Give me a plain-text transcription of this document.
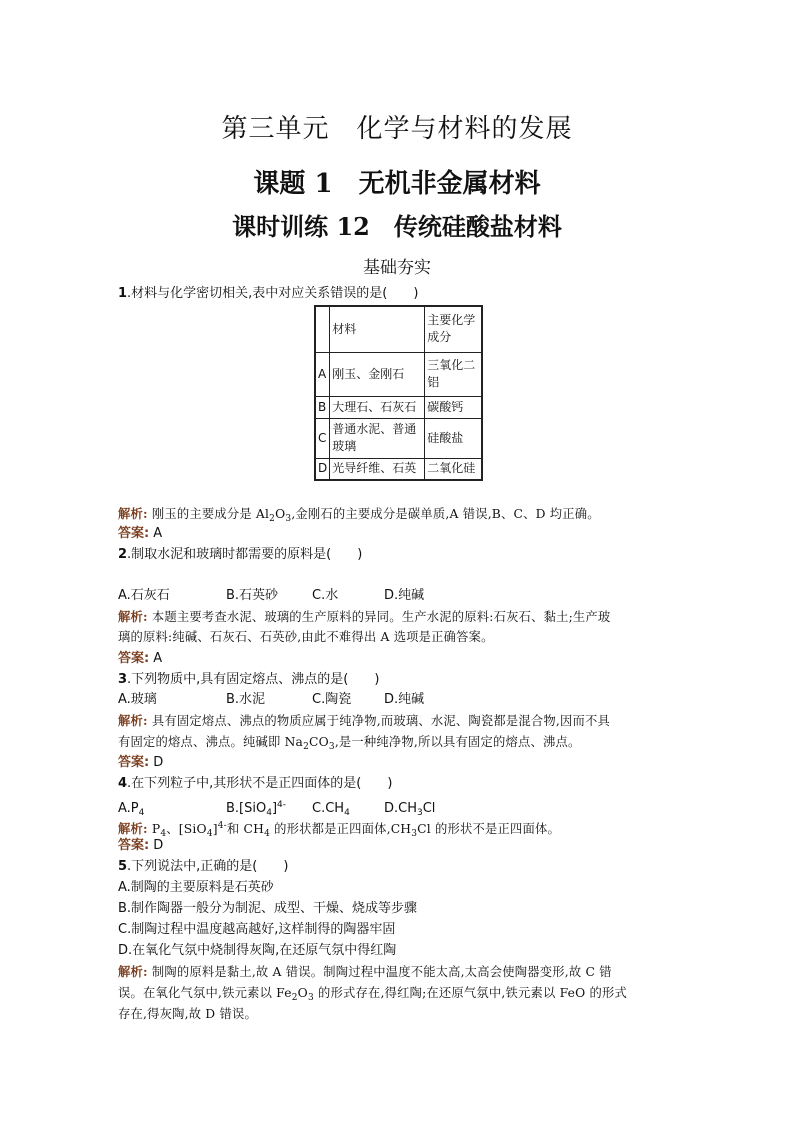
第三单元　化学与材料的发展
课题 1　无机非金属材料
课时训练 12　传统硅酸盐材料
基础夯实
1.材料与化学密切相关,表中对应关系错误的是(　　)
	材料	主要化学成分
A	刚玉、金刚石	三氧化二铝
B	大理石、石灰石	碳酸钙
C	普通水泥、普通玻璃	硅酸盐
D	光导纤维、石英	二氧化硅
解析: 刚玉的主要成分是 $Al_2O_3$,金刚石的主要成分是碳单质,A 错误,B、C、D 均正确。
答案: A
2.制取水泥和玻璃时都需要的原料是(　　)
A.石灰石	B.石英砂	C.水	D.纯碱
解析: 本题主要考查水泥、玻璃的生产原料的异同。生产水泥的原料:石灰石、黏土;生产玻
璃的原料:纯碱、石灰石、石英砂,由此不难得出 A 选项是正确答案。
答案: A
3.下列物质中,具有固定熔点、沸点的是(　　)
A.玻璃	B.水泥	C.陶瓷	D.纯碱
解析: 具有固定熔点、沸点的物质应属于纯净物,而玻璃、水泥、陶瓷都是混合物,因而不具
有固定的熔点、沸点。纯碱即 $Na_2CO_3$,是一种纯净物,所以具有固定的熔点、沸点。
答案: D
4.在下列粒子中,其形状不是正四面体的是(　　)
$A.P_4$	$B.[SiO_4]^{4-}$ $C.CH_4$	$D.CH_3Cl$
解析: $P_4$、$[SiO_4]^{4-}$和 $CH_4$ 的形状都是正四面体$,CH_3Cl$ 的形状不是正四面体。
答案: D
5.下列说法中,正确的是(　　)
A.制陶的主要原料是石英砂
B.制作陶器一般分为制泥、成型、干燥、烧成等步骤
C.制陶过程中温度越高越好,这样制得的陶器牢固
D.在氧化气氛中烧制得灰陶,在还原气氛中得红陶
解析: 制陶的原料是黏土,故 A 错误。制陶过程中温度不能太高,太高会使陶器变形,故 C 错
误。在氧化气氛中,铁元素以 $Fe_2O_3$ 的形式存在,得红陶;在还原气氛中,铁元素以 FeO 的形式
存在,得灰陶,故 D 错误。
